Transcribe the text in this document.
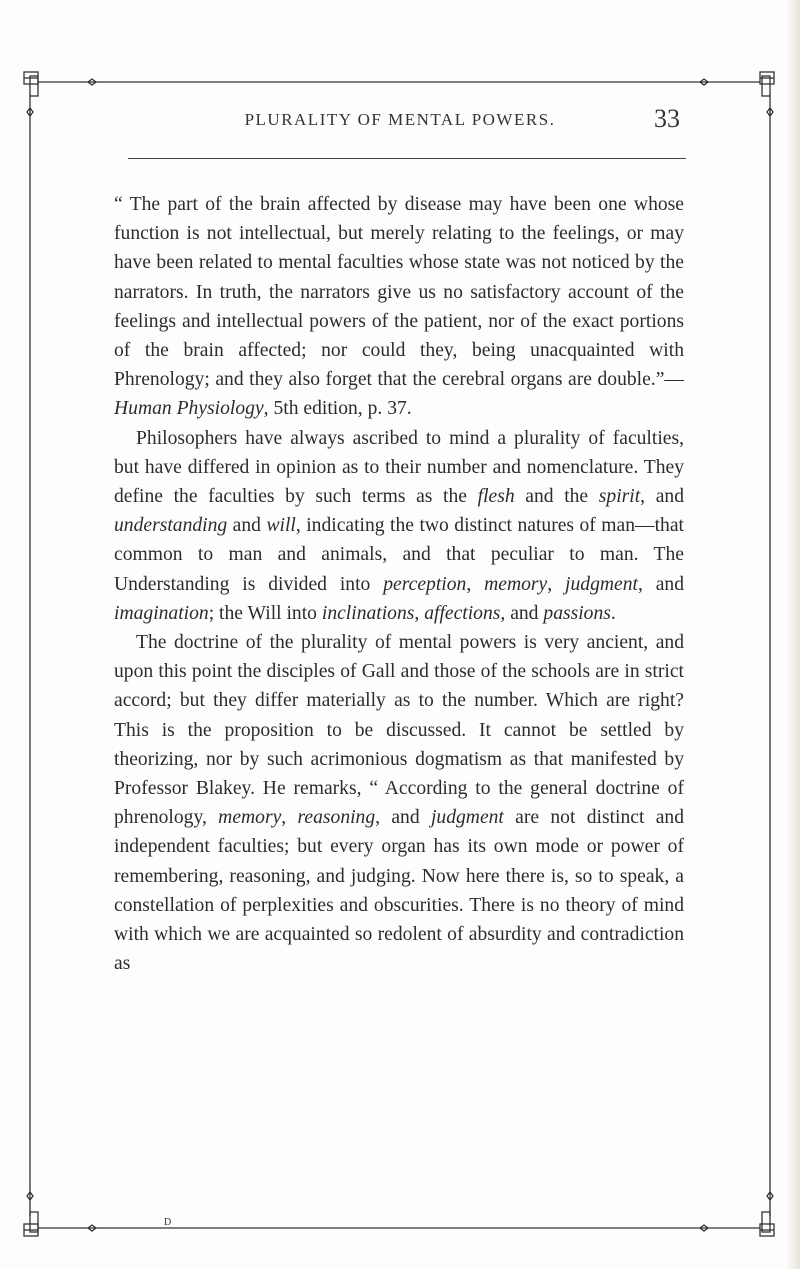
PLURALITY OF MENTAL POWERS.	33

“ The part of the brain affected by disease may have been one whose function is not intellectual, but merely relating to the feelings, or may have been related to mental faculties whose state was not noticed by the narrators. In truth, the narrators give us no satisfactory account of the feelings and intellectual powers of the patient, nor of the exact portions of the brain affected; nor could they, being unacquainted with Phrenology; and they also forget that the cerebral organs are double.”—Human Physiology, 5th edition, p. 37.

Philosophers have always ascribed to mind a plurality of faculties, but have differed in opinion as to their number and nomenclature. They define the faculties by such terms as the flesh and the spirit, and understanding and will, indicating the two distinct natures of man—that common to man and animals, and that peculiar to man. The Understanding is divided into perception, memory, judgment, and imagination; the Will into inclinations, affections, and passions.

The doctrine of the plurality of mental powers is very ancient, and upon this point the disciples of Gall and those of the schools are in strict accord; but they differ materially as to the number. Which are right? This is the proposition to be discussed. It cannot be settled by theorizing, nor by such acrimonious dogmatism as that manifested by Professor Blakey. He remarks, “ According to the general doctrine of phrenology, memory, reasoning, and judgment are not distinct and independent faculties; but every organ has its own mode or power of remembering, reasoning, and judging. Now here there is, so to speak, a constellation of perplexities and obscurities. There is no theory of mind with which we are acquainted so redolent of absurdity and contradiction as

D
